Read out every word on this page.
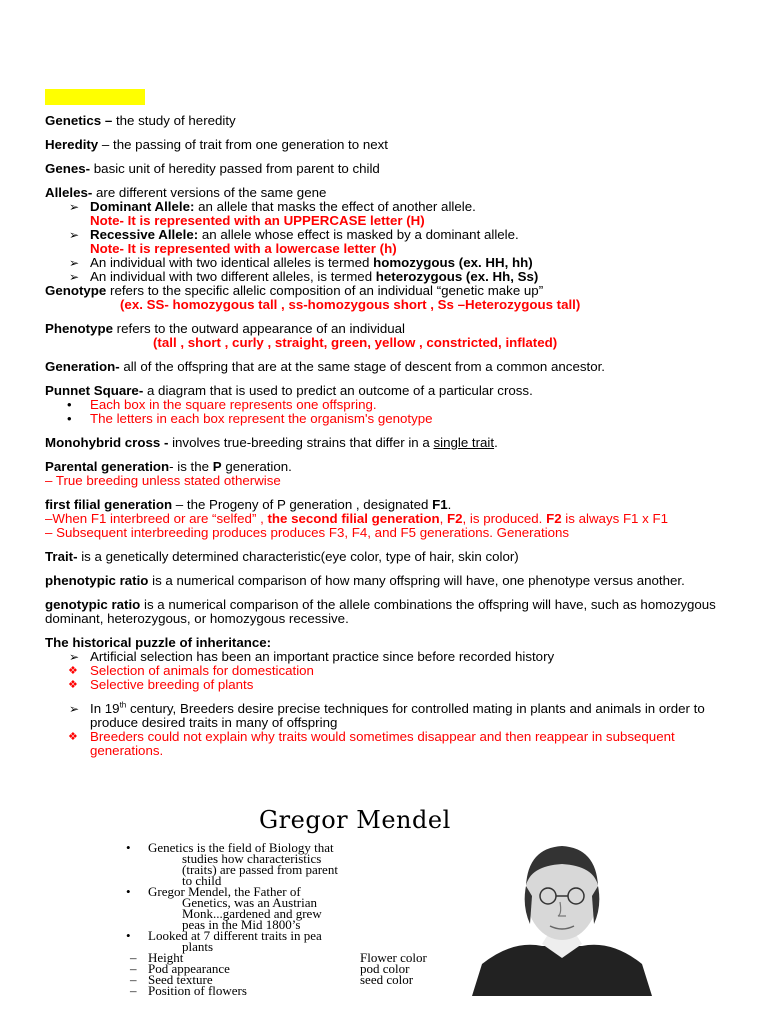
Genetics – the study of heredity

Heredity – the passing of trait from one generation to next

Genes- basic unit of heredity passed from parent to child

Alleles- are different versions of the same gene

➢ Dominant Allele: an allele that masks the effect of another allele.

Note- It is represented with an UPPERCASE letter (H)

➢ Recessive Allele: an allele whose effect is masked by a dominant allele.

Note- It is represented with a lowercase letter (h)

➢ An individual with two identical alleles is termed homozygous (ex. HH, hh)

➢ An individual with two different alleles, is termed heterozygous (ex. Hh, Ss)

Genotype refers to the specific allelic composition of an individual “genetic make up”

(ex. SS- homozygous tall , ss-homozygous short , Ss –Heterozygous tall)

Phenotype refers to the outward appearance of an individual

(tall , short , curly , straight, green, yellow , constricted, inflated)

Generation- all of the offspring that are at the same stage of descent from a common ancestor.

Punnet Square- a diagram that is used to predict an outcome of a particular cross.

• Each box in the square represents one offspring.

• The letters in each box represent the organism's genotype

Monohybrid cross - involves true-breeding strains that differ in a single trait.

Parental generation- is the P generation.

– True breeding unless stated otherwise

first filial generation – the Progeny of P generation , designated F1.

–When F1 interbreed or are “selfed” , the second filial generation, F2, is produced. F2 is always F1 x F1

– Subsequent interbreeding produces produces F3, F4, and F5 generations. Generations

Trait- is a genetically determined characteristic(eye color, type of hair, skin color)

phenotypic ratio is a numerical comparison of how many offspring will have, one phenotype versus another.

genotypic ratio is a numerical comparison of the allele combinations the offspring will have, such as homozygous dominant, heterozygous, or homozygous recessive.

The historical puzzle of inheritance:

➢ Artificial selection has been an important practice since before recorded history

❖ Selection of animals for domestication

❖ Selective breeding of plants

➢ In 19th century, Breeders desire precise techniques for controlled mating in plants and animals in order to produce desired traits in many of offspring

❖ Breeders could not explain why traits would sometimes disappear and then reappear in subsequent generations.

Gregor Mendel
• Genetics is the field of Biology that
studies how characteristics
(traits) are passed from parent
to child
• Gregor Mendel, the Father of
Genetics, was an Austrian
Monk...gardened and grew
peas in the Mid 1800’s
• Looked at 7 different traits in pea
plants
– Height	Flower color
– Pod appearance	pod color
– Seed texture	seed color
– Position of flowers
